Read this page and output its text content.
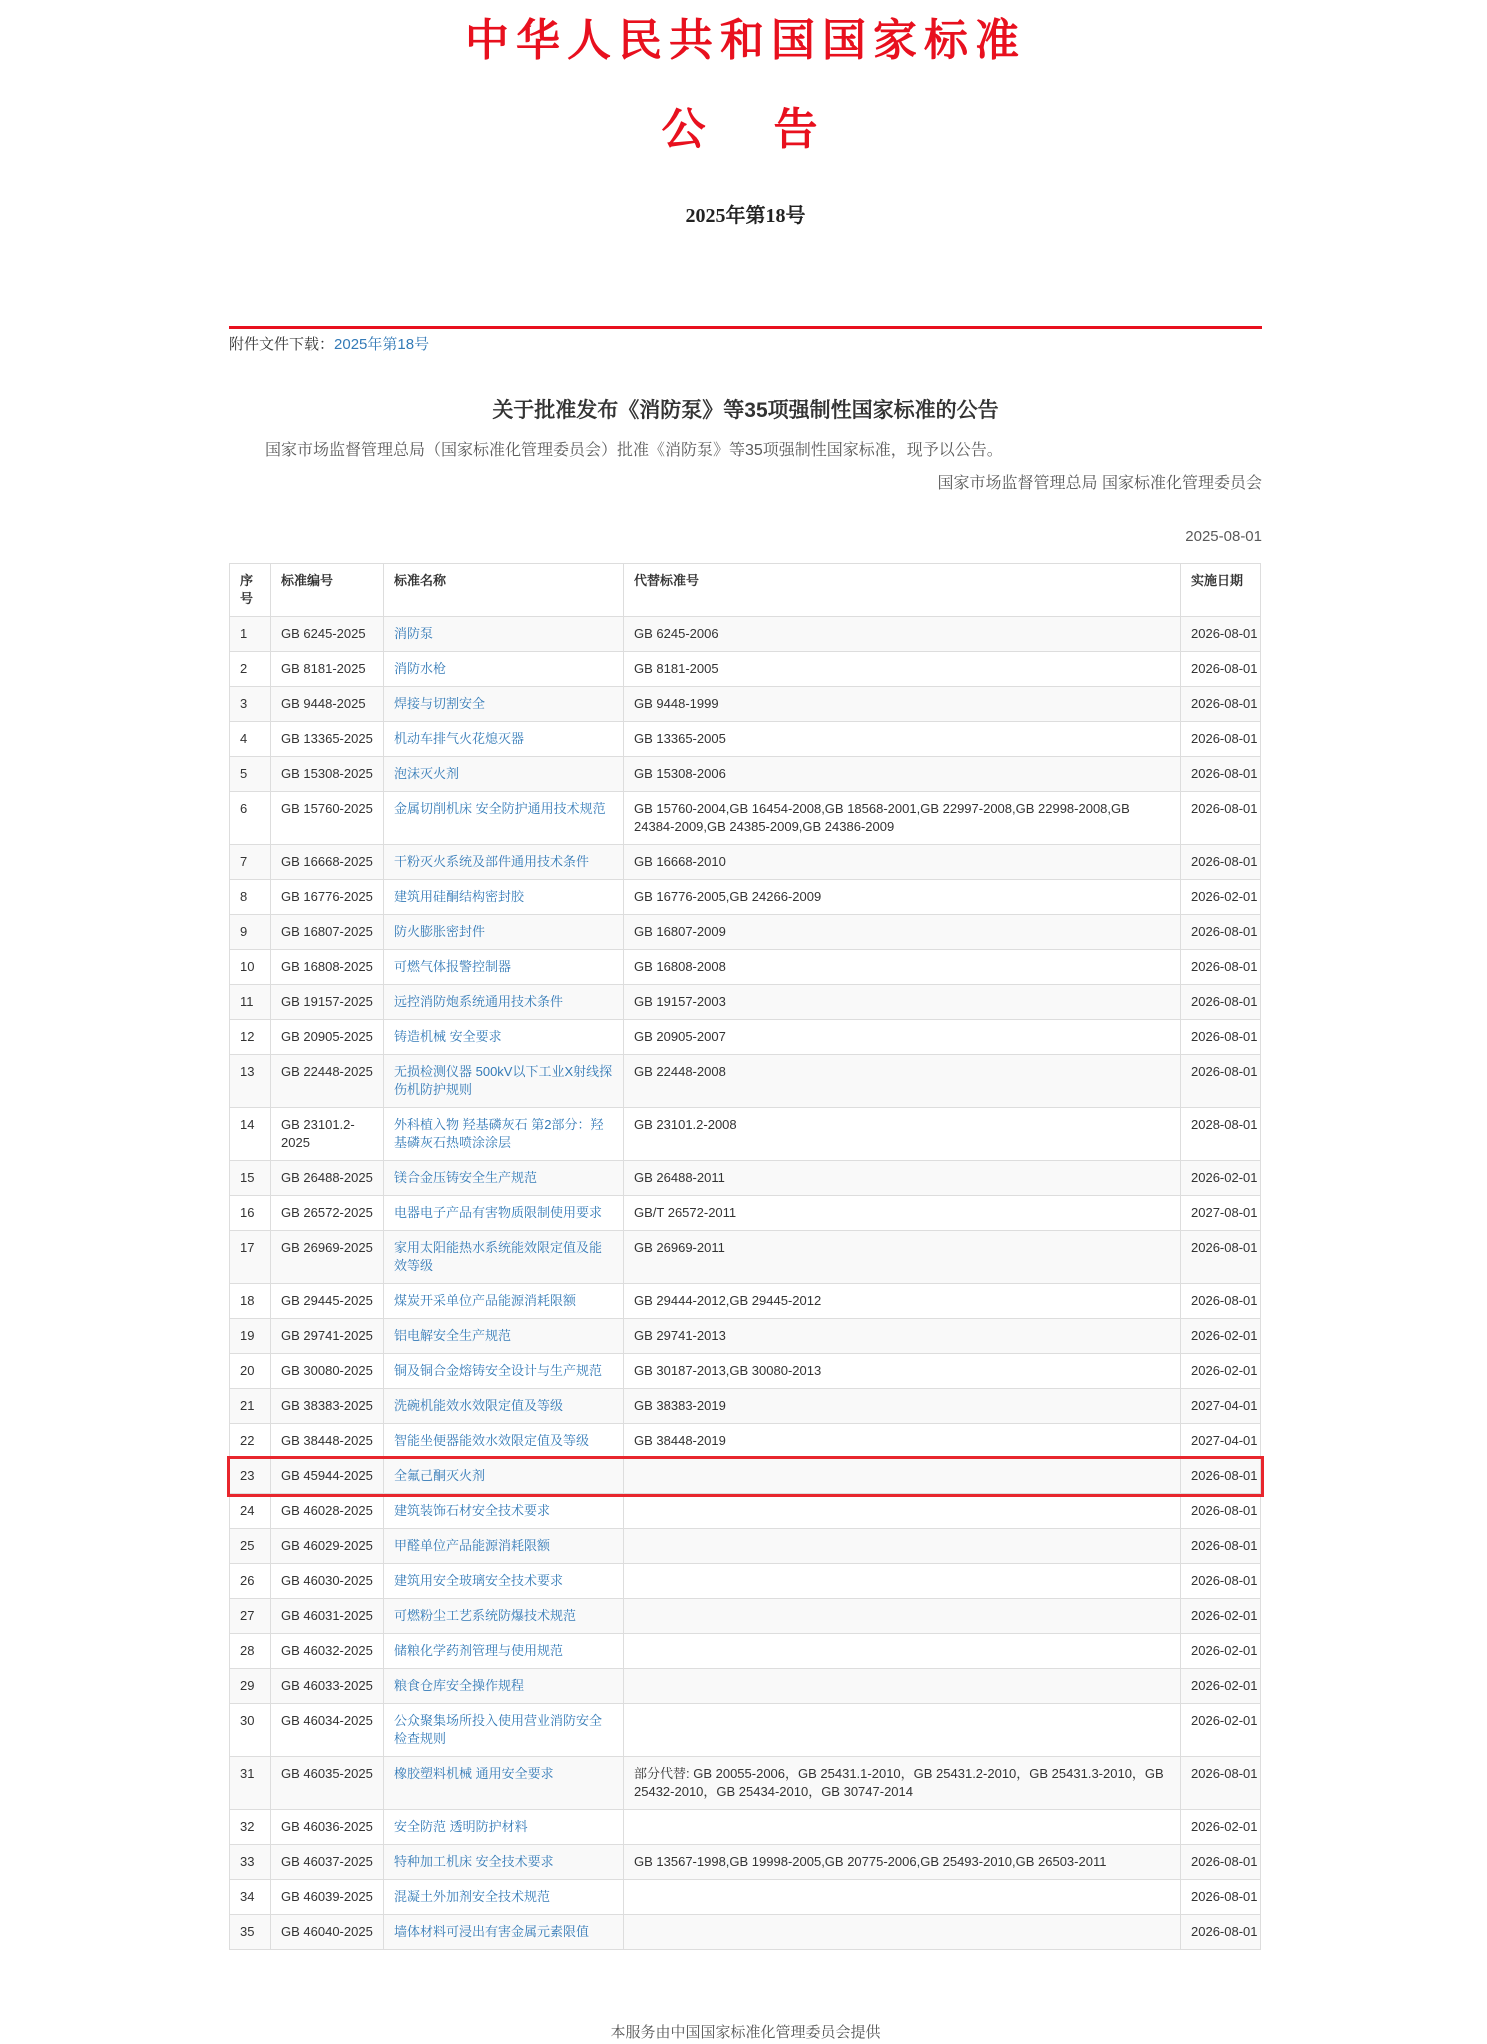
中华人民共和国国家标准
公　告
2025年第18号
附件文件下载：2025年第18号
关于批准发布《消防泵》等35项强制性国家标准的公告

国家市场监督管理总局（国家标准化管理委员会）批准《消防泵》等35项强制性国家标准，现予以公告。

国家市场监督管理总局 国家标准化管理委员会
2025-08-01
序号	标准编号	标准名称	代替标准号	实施日期
1	GB 6245-2025	消防泵	GB 6245-2006	2026-08-01
2	GB 8181-2025	消防水枪	GB 8181-2005	2026-08-01
3	GB 9448-2025	焊接与切割安全	GB 9448-1999	2026-08-01
4	GB 13365-2025	机动车排气火花熄灭器	GB 13365-2005	2026-08-01
5	GB 15308-2025	泡沫灭火剂	GB 15308-2006	2026-08-01
6	GB 15760-2025	金属切削机床 安全防护通用技术规范	GB 15760-2004,GB 16454-2008,GB 18568-2001,GB 22997-2008,GB 22998-2008,GB 24384-2009,GB 24385-2009,GB 24386-2009	2026-08-01
7	GB 16668-2025	干粉灭火系统及部件通用技术条件	GB 16668-2010	2026-08-01
8	GB 16776-2025	建筑用硅酮结构密封胶	GB 16776-2005,GB 24266-2009	2026-02-01
9	GB 16807-2025	防火膨胀密封件	GB 16807-2009	2026-08-01
10	GB 16808-2025	可燃气体报警控制器	GB 16808-2008	2026-08-01
11	GB 19157-2025	远控消防炮系统通用技术条件	GB 19157-2003	2026-08-01
12	GB 20905-2025	铸造机械 安全要求	GB 20905-2007	2026-08-01
13	GB 22448-2025	无损检测仪器 500kV以下工业X射线探伤机防护规则	GB 22448-2008	2026-08-01
14	GB 23101.2-2025	外科植入物 羟基磷灰石 第2部分：羟基磷灰石热喷涂涂层	GB 23101.2-2008	2028-08-01
15	GB 26488-2025	镁合金压铸安全生产规范	GB 26488-2011	2026-02-01
16	GB 26572-2025	电器电子产品有害物质限制使用要求	GB/T 26572-2011	2027-08-01
17	GB 26969-2025	家用太阳能热水系统能效限定值及能效等级	GB 26969-2011	2026-08-01
18	GB 29445-2025	煤炭开采单位产品能源消耗限额	GB 29444-2012,GB 29445-2012	2026-08-01
19	GB 29741-2025	铝电解安全生产规范	GB 29741-2013	2026-02-01
20	GB 30080-2025	铜及铜合金熔铸安全设计与生产规范	GB 30187-2013,GB 30080-2013	2026-02-01
21	GB 38383-2025	洗碗机能效水效限定值及等级	GB 38383-2019	2027-04-01
22	GB 38448-2025	智能坐便器能效水效限定值及等级	GB 38448-2019	2027-04-01
23	GB 45944-2025	全氟己酮灭火剂		2026-08-01
24	GB 46028-2025	建筑装饰石材安全技术要求		2026-08-01
25	GB 46029-2025	甲醛单位产品能源消耗限额		2026-08-01
26	GB 46030-2025	建筑用安全玻璃安全技术要求		2026-08-01
27	GB 46031-2025	可燃粉尘工艺系统防爆技术规范		2026-02-01
28	GB 46032-2025	储粮化学药剂管理与使用规范		2026-02-01
29	GB 46033-2025	粮食仓库安全操作规程		2026-02-01
30	GB 46034-2025	公众聚集场所投入使用营业消防安全检查规则		2026-02-01
31	GB 46035-2025	橡胶塑料机械 通用安全要求	部分代替: GB 20055-2006，GB 25431.1-2010，GB 25431.2-2010，GB 25431.3-2010，GB 25432-2010，GB 25434-2010，GB 30747-2014	2026-08-01
32	GB 46036-2025	安全防范 透明防护材料		2026-02-01
33	GB 46037-2025	特种加工机床 安全技术要求	GB 13567-1998,GB 19998-2005,GB 20775-2006,GB 25493-2010,GB 26503-2011	2026-08-01
34	GB 46039-2025	混凝土外加剂安全技术规范		2026-08-01
35	GB 46040-2025	墙体材料可浸出有害金属元素限值		2026-08-01
本服务由中国国家标准化管理委员会提供
